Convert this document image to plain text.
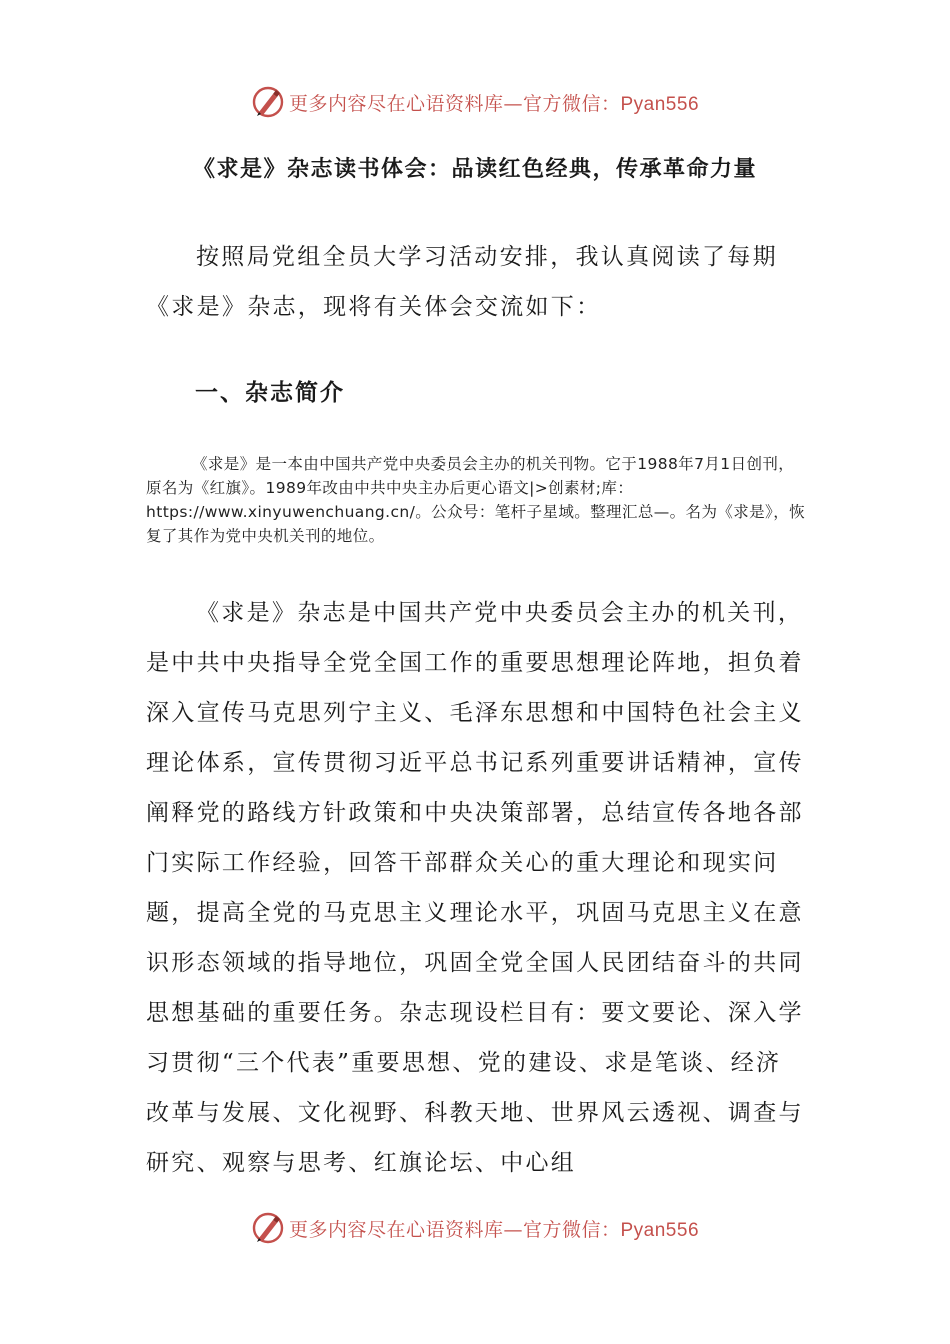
更多内容尽在心语资料库—官方微信：Pyan556
《求是》杂志读书体会：品读红色经典，传承革命力量

按照局党组全员大学习活动安排，我认真阅读了每期《求是》杂志，现将有关体会交流如下：

一、杂志简介

《求是》是一本由中国共产党中央委员会主办的机关刊物。它于1988年7月1日创刊，原名为《红旗》。1989年改由中共中央主办后更心语文|>创素材;库：https://www.xinyuwenchuang.cn/。公众号：笔杆子星域。整理汇总—。名为《求是》，恢复了其作为党中央机关刊的地位。

《求是》杂志是中国共产党中央委员会主办的机关刊，是中共中央指导全党全国工作的重要思想理论阵地，担负着深入宣传马克思列宁主义、毛泽东思想和中国特色社会主义理论体系，宣传贯彻习近平总书记系列重要讲话精神，宣传阐释党的路线方针政策和中央决策部署，总结宣传各地各部门实际工作经验，回答干部群众关心的重大理论和现实问题，提高全党的马克思主义理论水平，巩固马克思主义在意识形态领域的指导地位，巩固全党全国人民团结奋斗的共同思想基础的重要任务。杂志现设栏目有：要文要论、深入学习贯彻“三个代表”重要思想、党的建设、求是笔谈、经济改革与发展、文化视野、科教天地、世界风云透视、调查与研究、观察与思考、红旗论坛、中心组

更多内容尽在心语资料库—官方微信：Pyan556
